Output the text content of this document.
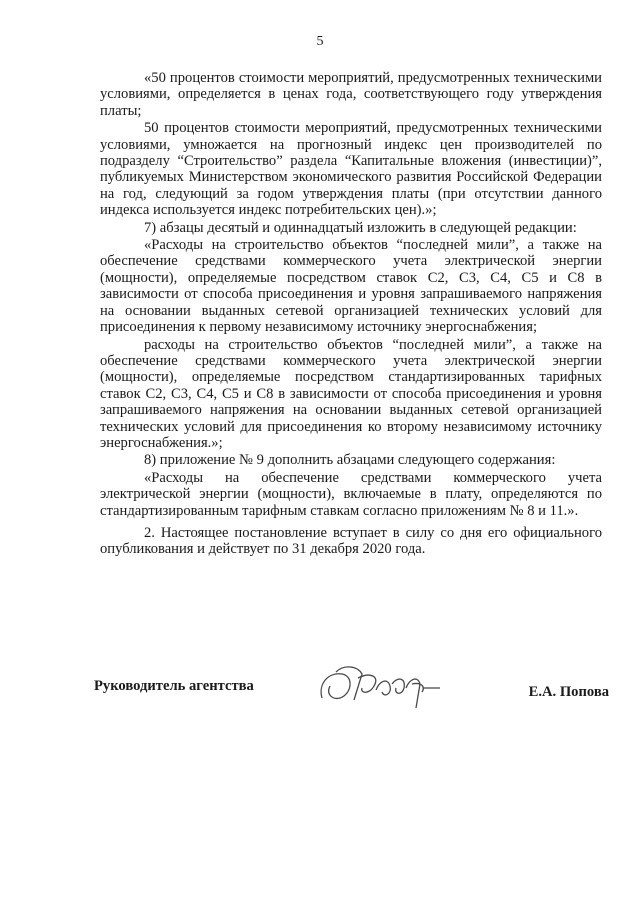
5

«50 процентов стоимости мероприятий, предусмотренных техническими условиями, определяется в ценах года, соответствующего году утверждения платы;

50 процентов стоимости мероприятий, предусмотренных техническими условиями, умножается на прогнозный индекс цен производителей по подразделу “Строительство” раздела “Капитальные вложения (инвестиции)”, публикуемых Министерством экономического развития Российской Федерации на год, следующий за годом утверждения платы (при отсутствии данного индекса используется индекс потребительских цен).»;

7) абзацы десятый и одиннадцатый изложить в следующей редакции:

«Расходы на строительство объектов “последней мили”, а также на обеспечение средствами коммерческого учета электрической энергии (мощности), определяемые посредством ставок С2, С3, С4, С5 и С8 в зависимости от способа присоединения и уровня запрашиваемого напряжения на основании выданных сетевой организацией технических условий для присоединения к первому независимому источнику энергоснабжения;

расходы на строительство объектов “последней мили”, а также на обеспечение средствами коммерческого учета электрической энергии (мощности), определяемые посредством стандартизированных тарифных ставок С2, С3, С4, С5 и С8 в зависимости от способа присоединения и уровня запрашиваемого напряжения на основании выданных сетевой организацией технических условий для присоединения ко второму независимому источнику энергоснабжения.»;

8) приложение № 9 дополнить абзацами следующего содержания:

«Расходы на обеспечение средствами коммерческого учета электрической энергии (мощности), включаемые в плату, определяются по стандартизированным тарифным ставкам согласно приложениям № 8 и 11.».

2. Настоящее постановление вступает в силу со дня его официального опубликования и действует по 31 декабря 2020 года.

Руководитель агентства	Е.А. Попова
